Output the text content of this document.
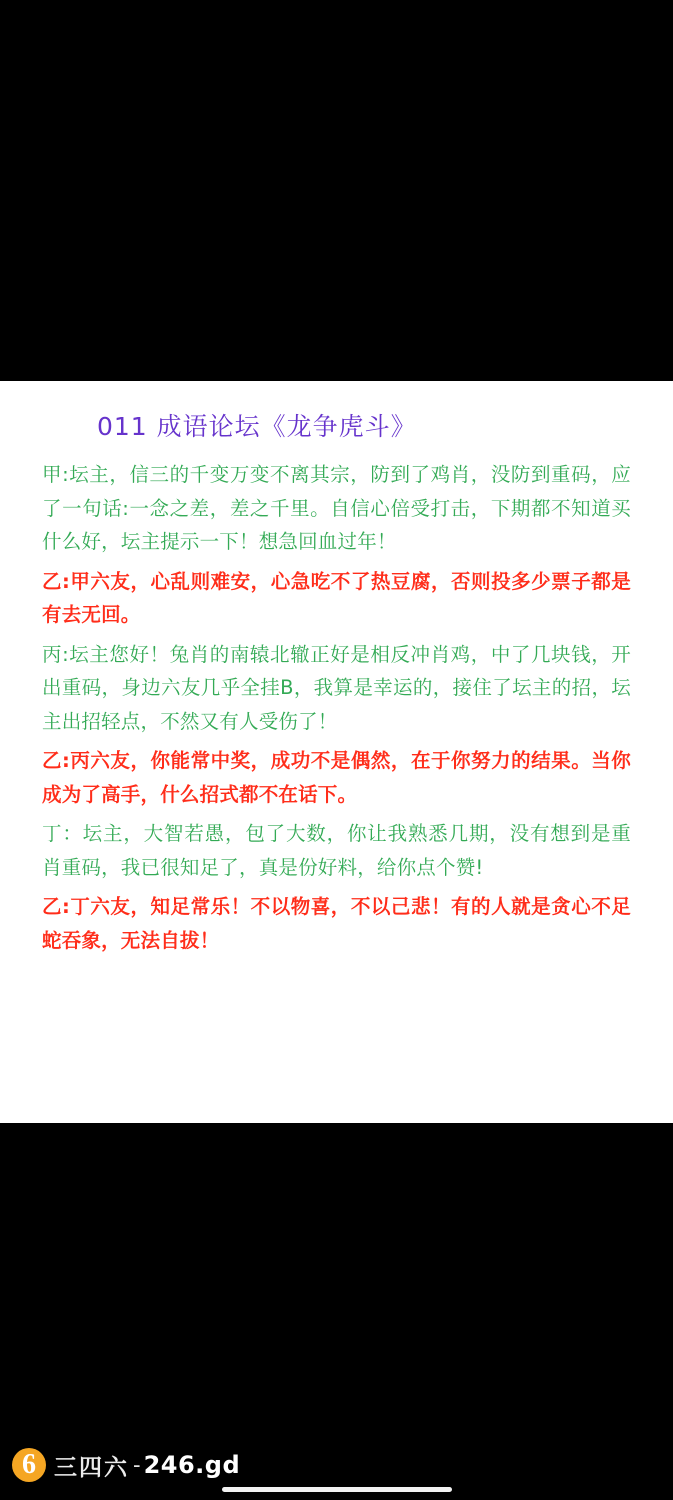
011 成语论坛《龙争虎斗》

甲:坛主，信三的千变万变不离其宗，防到了鸡肖，没防到重码，应了一句话:一念之差，差之千里。自信心倍受打击，下期都不知道买什么好，坛主提示一下！想急回血过年！

乙:甲六友，心乱则难安，心急吃不了热豆腐，否则投多少票子都是有去无回。

丙:坛主您好！兔肖的南辕北辙正好是相反冲肖鸡，中了几块钱，开出重码，身边六友几乎全挂B，我算是幸运的，接住了坛主的招，坛主出招轻点，不然又有人受伤了！

乙:丙六友，你能常中奖，成功不是偶然，在于你努力的结果。当你成为了高手，什么招式都不在话下。

丁：坛主，大智若愚，包了大数，你让我熟悉几期，没有想到是重肖重码，我已很知足了，真是份好料，给你点个赞!

乙:丁六友，知足常乐！不以物喜，不以己悲！有的人就是贪心不足蛇吞象，无法自拔！

6 三四六 - 246.gd
